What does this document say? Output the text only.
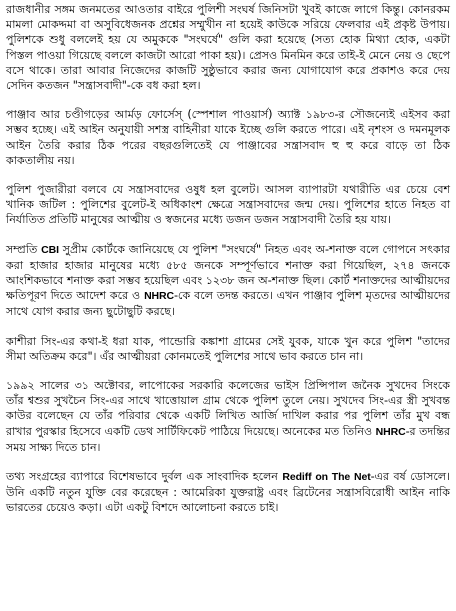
রাজধানীর সঙ্গম জনমতের আওতার বাইরে পুলিশী সংঘর্ষ জিনিসটা খুবই কাজে লাগে কিন্তু। কোনরকম মামলা মোকদ্দমা বা অসুবিধেজনক প্রশ্নের সম্মুখীন না হয়েই কাউকে সরিয়ে ফেলবার এই প্রকৃষ্ট উপায়। পুলিশকে শুধু বললেই হয় যে অমুককে "সংঘর্ষে" গুলি করা হয়েছে (সত্য হোক মিথ্যা হোক, একটা পিস্তল পাওয়া গিয়েছে বললে কাজটা আরো পাকা হয়)। প্রেসও মিনমিন করে তাই-ই মেনে নেয় ও ছেপে বসে থাকে। তারা আবার নিজেদের কাজটি সুষ্ঠুভাবে করার জন্য যোগাযোগ করে প্রকাশও করে দেয় সেদিন কতজন "সন্ত্রাসবাদী"-কে বধ করা হল।

পাঞ্জাব আর চণ্ডীগড়ের আর্মড় ফোর্সেস্ (স্পেশাল পাওয়ার্স) অ্যাক্ট ১৯৮৩-র সৌজন্যেই এইসব করা সম্ভব হচ্ছে। এই আইন অনুযায়ী সশস্ত্র বাহিনীরা যাকে ইচ্ছে গুলি করতে পারে। এই নৃশংস ও দমনমূলক আইন তৈরি করার ঠিক পরের বছরগুলিতেই যে পাঞ্জাবের সন্ত্রাসবাদ হু হু করে বাড়ে তা ঠিক কাকতালীয় নয়।

পুলিশ পুজারীরা বলবে যে সন্ত্রাসবাদের ওষুধ হল বুলেট। আসল ব্যাপারটা যথারীতি এর চেয়ে বেশ খানিক জটিল : পুলিশের বুলেট-ই অধিকাংশ ক্ষেত্রে সন্ত্রাসবাদের জন্ম দেয়। পুলিশের হাতে নিহত বা নির্যাতিত প্রতিটি মানুষের আত্মীয় ও স্বজনের মধ্যে ডজন ডজন সন্ত্রাসবাদী তৈরি হয় যায়।

সম্প্রতি CBI সুপ্রীম কোর্টকে জানিয়েছে যে পুলিশ "সংঘর্ষে" নিহত এবং অ-শনাক্ত বলে গোপনে সৎকার করা হাজার হাজার মানুষের মধ্যে ৫৮৫ জনকে সম্পূর্ণভাবে শনাক্ত করা গিয়েছিল, ২৭৪ জনকে আংশিকভাবে শনাক্ত করা সম্ভব হয়েছিল এবং ১২৩৮ জন অ-শনাক্ত ছিল। কোর্ট শনাক্তদের আত্মীয়দের ক্ষতিপূরণ দিতে আদেশ করে ও NHRC-কে বলে তদন্ত করতে। এখন পাঞ্জাব পুলিশ মৃতদের আত্মীয়দের সাথে যোগ করার জন্য ছুটোছুটি করছে।

কাশীরা সিং-এর কথা-ই ধরা যাক, পান্ডোরি কঙ্কাশা গ্রামের সেই যুবক, যাকে খুন করে পুলিশ "তাদের সীমা অতিক্রম করে"। এঁর আত্মীয়রা কোনমতেই পুলিশের সাথে ভাব করতে চান না।

১৯৯২ সালের ৩১ অক্টোবর, লাপোকের সরকারি কলেজের ভাইস প্রিন্সিপাল জনৈক সুখদেব সিংকে তাঁর শ্বশুর সুখচৈন সিং-এর সাথে খাত্তোয়াল গ্রাম থেকে পুলিশ তুলে নেয়। সুখদেব সিং-এর স্ত্রী সুখবন্ত কাউর বলেছেন যে তাঁর পরিবার থেকে একটি লিখিত আর্জি দাখিল করার পর পুলিশ তাঁর মুখ বন্ধ রাখার পুরস্কার হিসেবে একটি ডেথ সার্টিফিকেট পাঠিয়ে দিয়েছে। অনেকের মত তিনিও NHRC-র তদন্তির সময় সাক্ষ্য দিতে চান।

তথ্য সংগ্রহের ব্যাপারে বিশেষভাবে দুর্বল এক সাংবাদিক হলেন Rediff on The Net-এর বর্ষ ডোসলে। উনি একটি নতুন যুক্তি বের করেছেন : আমেরিকা যুক্তরাষ্ট্র এবং ব্রিটেনের সন্ত্রাসবিরোধী আইন নাকি ভারতের চেয়েও কড়া। এটা একটু বিশদে আলোচনা করতে চাই।
